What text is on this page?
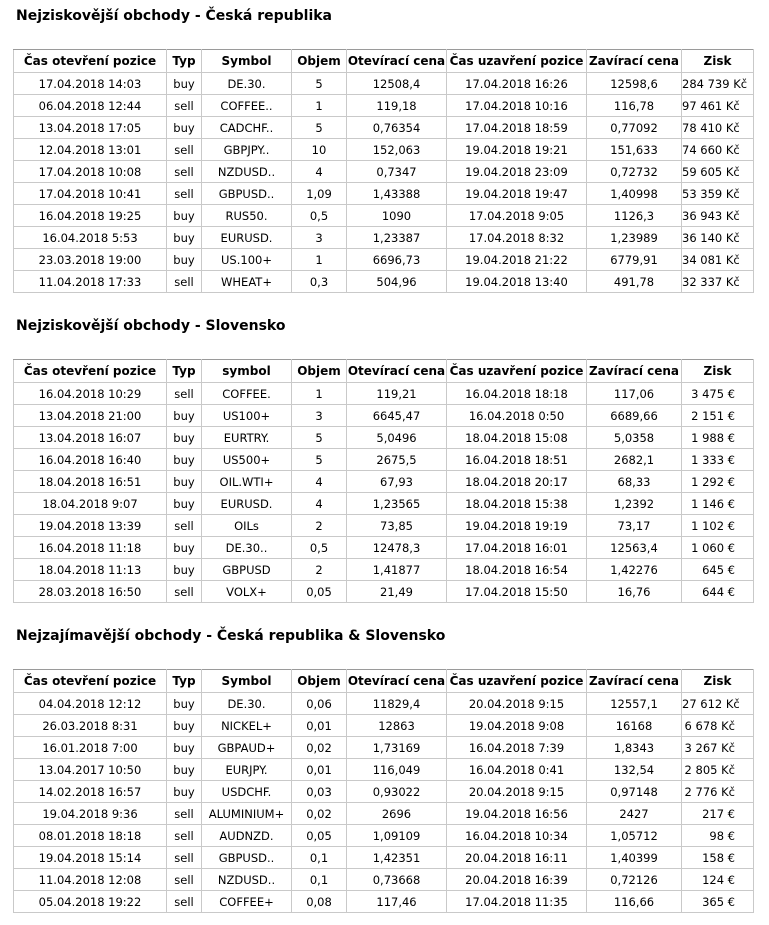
Nejziskovější obchody - Česká republika
Čas otevření pozice	Typ	Symbol	Objem	Otevírací cena	Čas uzavření pozice	Zavírací cena	Zisk
17.04.2018 14:03	buy	DE.30.	5	12508,4	17.04.2018 16:26	12598,6	284 739 Kč
06.04.2018 12:44	sell	COFFEE..	1	119,18	17.04.2018 10:16	116,78	97 461 Kč
13.04.2018 17:05	buy	CADCHF..	5	0,76354	17.04.2018 18:59	0,77092	78 410 Kč
12.04.2018 13:01	sell	GBPJPY..	10	152,063	19.04.2018 19:21	151,633	74 660 Kč
17.04.2018 10:08	sell	NZDUSD..	4	0,7347	19.04.2018 23:09	0,72732	59 605 Kč
17.04.2018 10:41	sell	GBPUSD..	1,09	1,43388	19.04.2018 19:47	1,40998	53 359 Kč
16.04.2018 19:25	buy	RUS50.	0,5	1090	17.04.2018 9:05	1126,3	36 943 Kč
16.04.2018 5:53	buy	EURUSD.	3	1,23387	17.04.2018 8:32	1,23989	36 140 Kč
23.03.2018 19:00	buy	US.100+	1	6696,73	19.04.2018 21:22	6779,91	34 081 Kč
11.04.2018 17:33	sell	WHEAT+	0,3	504,96	19.04.2018 13:40	491,78	32 337 Kč
Nejziskovější obchody - Slovensko
Čas otevření pozice	Typ	symbol	Objem	Otevírací cena	Čas uzavření pozice	Zavírací cena	Zisk
16.04.2018 10:29	sell	COFFEE.	1	119,21	16.04.2018 18:18	117,06	3 475 €
13.04.2018 21:00	buy	US100+	3	6645,47	16.04.2018 0:50	6689,66	2 151 €
13.04.2018 16:07	buy	EURTRY.	5	5,0496	18.04.2018 15:08	5,0358	1 988 €
16.04.2018 16:40	buy	US500+	5	2675,5	16.04.2018 18:51	2682,1	1 333 €
18.04.2018 16:51	buy	OIL.WTI+	4	67,93	18.04.2018 20:17	68,33	1 292 €
18.04.2018 9:07	buy	EURUSD.	4	1,23565	18.04.2018 15:38	1,2392	1 146 €
19.04.2018 13:39	sell	OILs	2	73,85	19.04.2018 19:19	73,17	1 102 €
16.04.2018 11:18	buy	DE.30..	0,5	12478,3	17.04.2018 16:01	12563,4	1 060 €
18.04.2018 11:13	buy	GBPUSD	2	1,41877	18.04.2018 16:54	1,42276	645 €
28.03.2018 16:50	sell	VOLX+	0,05	21,49	17.04.2018 15:50	16,76	644 €
Nejzajímavější obchody - Česká republika & Slovensko
Čas otevření pozice	Typ	Symbol	Objem	Otevírací cena	Čas uzavření pozice	Zavírací cena	Zisk
04.04.2018 12:12	buy	DE.30.	0,06	11829,4	20.04.2018 9:15	12557,1	27 612 Kč
26.03.2018 8:31	buy	NICKEL+	0,01	12863	19.04.2018 9:08	16168	6 678 Kč
16.01.2018 7:00	buy	GBPAUD+	0,02	1,73169	16.04.2018 7:39	1,8343	3 267 Kč
13.04.2017 10:50	buy	EURJPY.	0,01	116,049	16.04.2018 0:41	132,54	2 805 Kč
14.02.2018 16:57	buy	USDCHF.	0,03	0,93022	20.04.2018 9:15	0,97148	2 776 Kč
19.04.2018 9:36	sell	ALUMINIUM+	0,02	2696	19.04.2018 16:56	2427	217 €
08.01.2018 18:18	sell	AUDNZD.	0,05	1,09109	16.04.2018 10:34	1,05712	98 €
19.04.2018 15:14	sell	GBPUSD..	0,1	1,42351	20.04.2018 16:11	1,40399	158 €
11.04.2018 12:08	sell	NZDUSD..	0,1	0,73668	20.04.2018 16:39	0,72126	124 €
05.04.2018 19:22	sell	COFFEE+	0,08	117,46	17.04.2018 11:35	116,66	365 €
